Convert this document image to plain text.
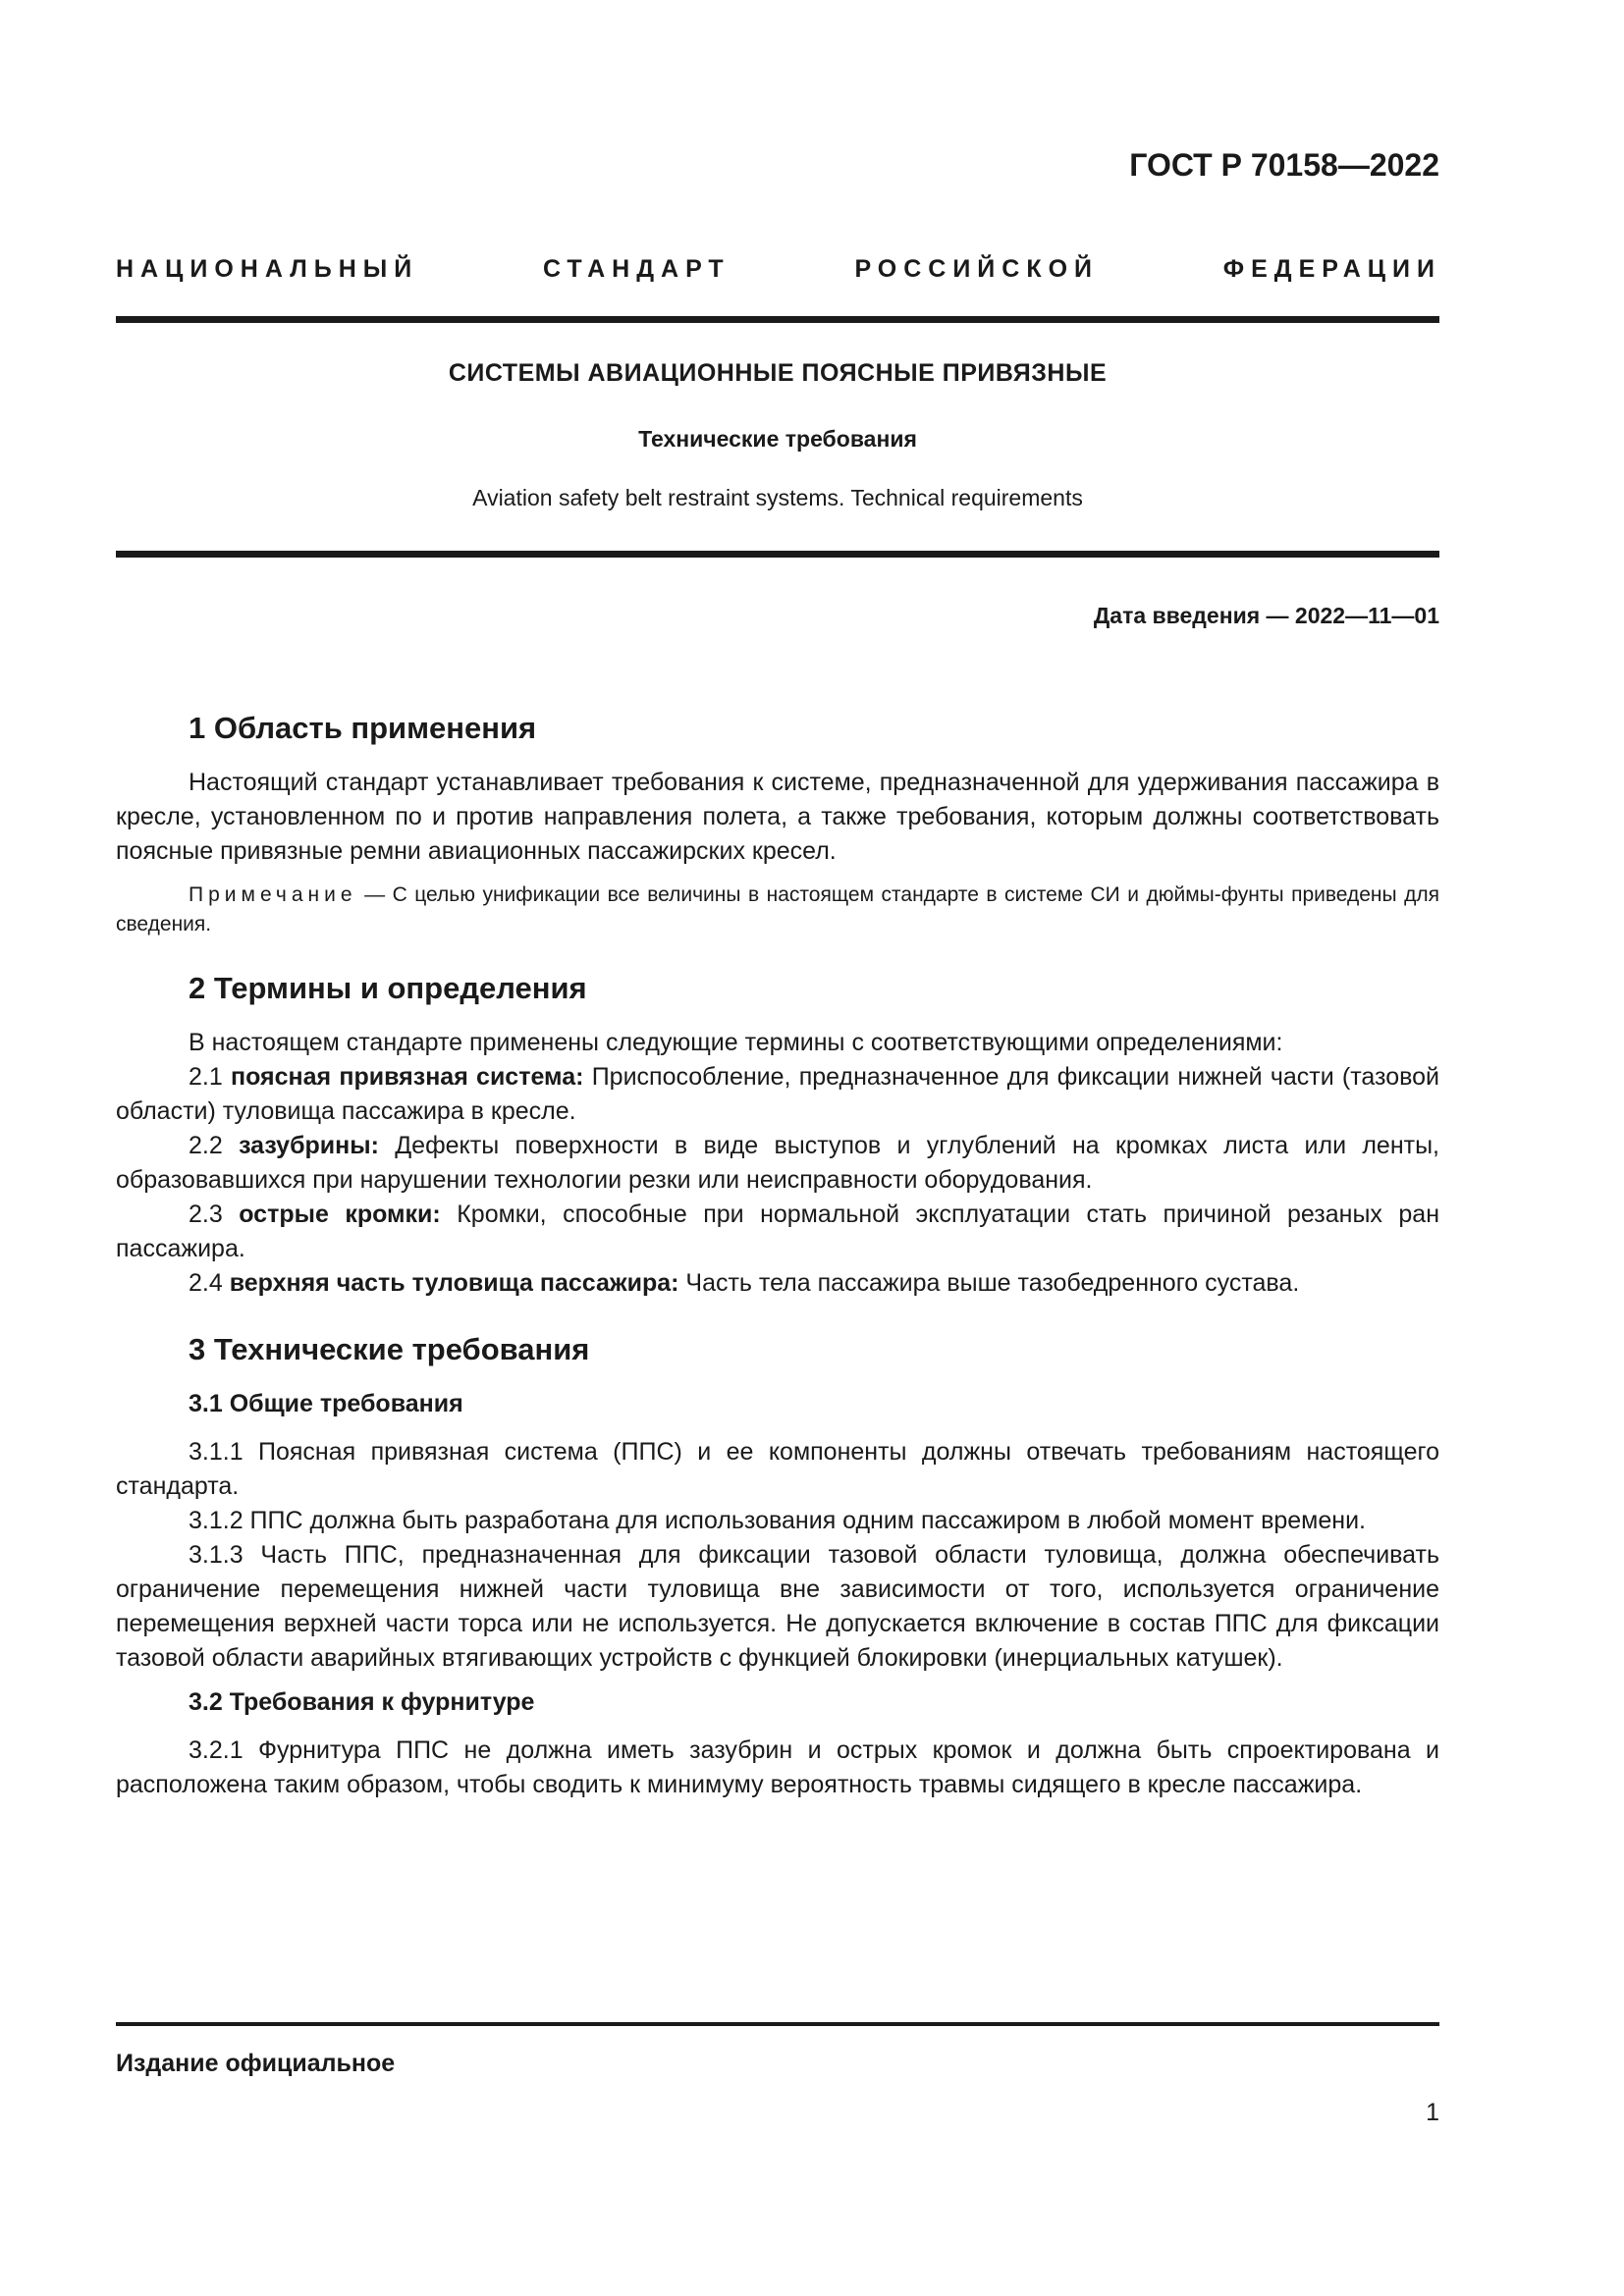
ГОСТ Р 70158—2022
НАЦИОНАЛЬНЫЙ СТАНДАРТ РОССИЙСКОЙ ФЕДЕРАЦИИ
СИСТЕМЫ АВИАЦИОННЫЕ ПОЯСНЫЕ ПРИВЯЗНЫЕ
Технические требования
Aviation safety belt restraint systems. Technical requirements
Дата введения — 2022—11—01
1 Область применения

Настоящий стандарт устанавливает требования к системе, предназначенной для удерживания пассажира в кресле, установленном по и против направления полета, а также требования, которым должны соответствовать поясные привязные ремни авиационных пассажирских кресел.

Примечание — С целью унификации все величины в настоящем стандарте в системе СИ и дюймы-фунты приведены для сведения.

2 Термины и определения

В настоящем стандарте применены следующие термины с соответствующими определениями:

2.1 поясная привязная система: Приспособление, предназначенное для фиксации нижней части (тазовой области) туловища пассажира в кресле.

2.2 зазубрины: Дефекты поверхности в виде выступов и углублений на кромках листа или ленты, образовавшихся при нарушении технологии резки или неисправности оборудования.

2.3 острые кромки: Кромки, способные при нормальной эксплуатации стать причиной резаных ран пассажира.

2.4 верхняя часть туловища пассажира: Часть тела пассажира выше тазобедренного сустава.

3 Технические требования
3.1 Общие требования

3.1.1 Поясная привязная система (ППС) и ее компоненты должны отвечать требованиям настоящего стандарта.

3.1.2 ППС должна быть разработана для использования одним пассажиром в любой момент времени.

3.1.3 Часть ППС, предназначенная для фиксации тазовой области туловища, должна обеспечивать ограничение перемещения нижней части туловища вне зависимости от того, используется ограничение перемещения верхней части торса или не используется. Не допускается включение в состав ППС для фиксации тазовой области аварийных втягивающих устройств с функцией блокировки (инерциальных катушек).

3.2 Требования к фурнитуре

3.2.1 Фурнитура ППС не должна иметь зазубрин и острых кромок и должна быть спроектирована и расположена таким образом, чтобы сводить к минимуму вероятность травмы сидящего в кресле пассажира.

Издание официальное
1
